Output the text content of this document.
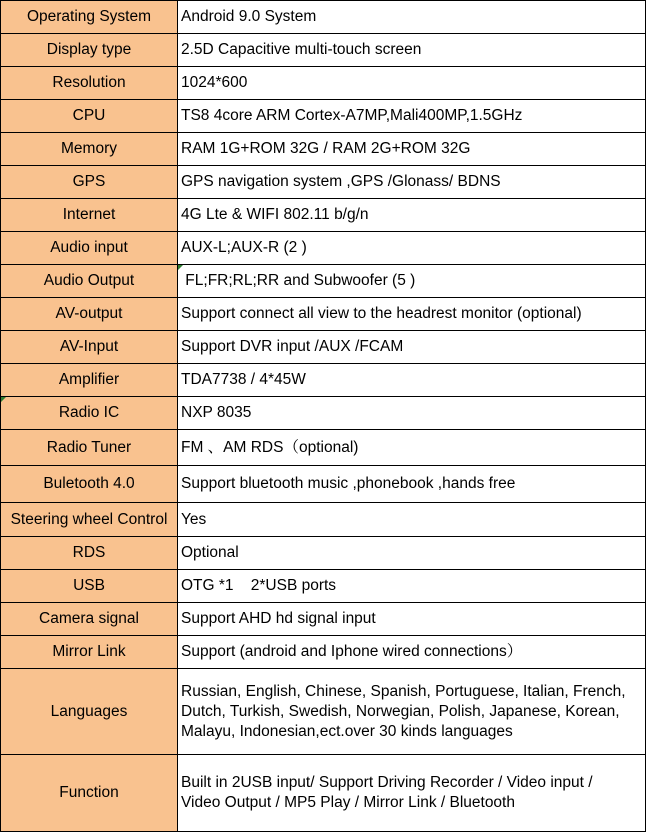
Operating System	Android 9.0 System
Display type	2.5D Capacitive multi-touch screen
Resolution	1024*600
CPU	TS8 4core ARM Cortex-A7MP,Mali400MP,1.5GHz
Memory	RAM 1G+ROM 32G / RAM 2G+ROM 32G
GPS	GPS navigation system ,GPS /Glonass/ BDNS
Internet	4G Lte & WIFI 802.11 b/g/n
Audio input	AUX-L;AUX-R (2 )
Audio Output	FL;FR;RL;RR and Subwoofer (5 )
AV-output	Support connect all view to the headrest monitor (optional)
AV-Input	Support DVR input /AUX /FCAM
Amplifier	TDA7738 / 4*45W

Radio IC	NXP 8035
Radio Tuner	FM 、AM RDS（optional)
Buletooth 4.0	Support bluetooth music ,phonebook ,hands free
Steering wheel Control	Yes
RDS	Optional
USB	OTG *1    2*USB ports
Camera signal	Support AHD hd signal input
Mirror Link	Support (android and Iphone wired connections）
Languages	Russian, English, Chinese, Spanish, Portuguese, Italian, French,
Dutch, Turkish, Swedish, Norwegian, Polish, Japanese, Korean,
Malayu, Indonesian,ect.over 30 kinds languages

Function	Built in 2USB input/ Support Driving Recorder / Video input /
Video Output / MP5 Play / Mirror Link / Bluetooth
